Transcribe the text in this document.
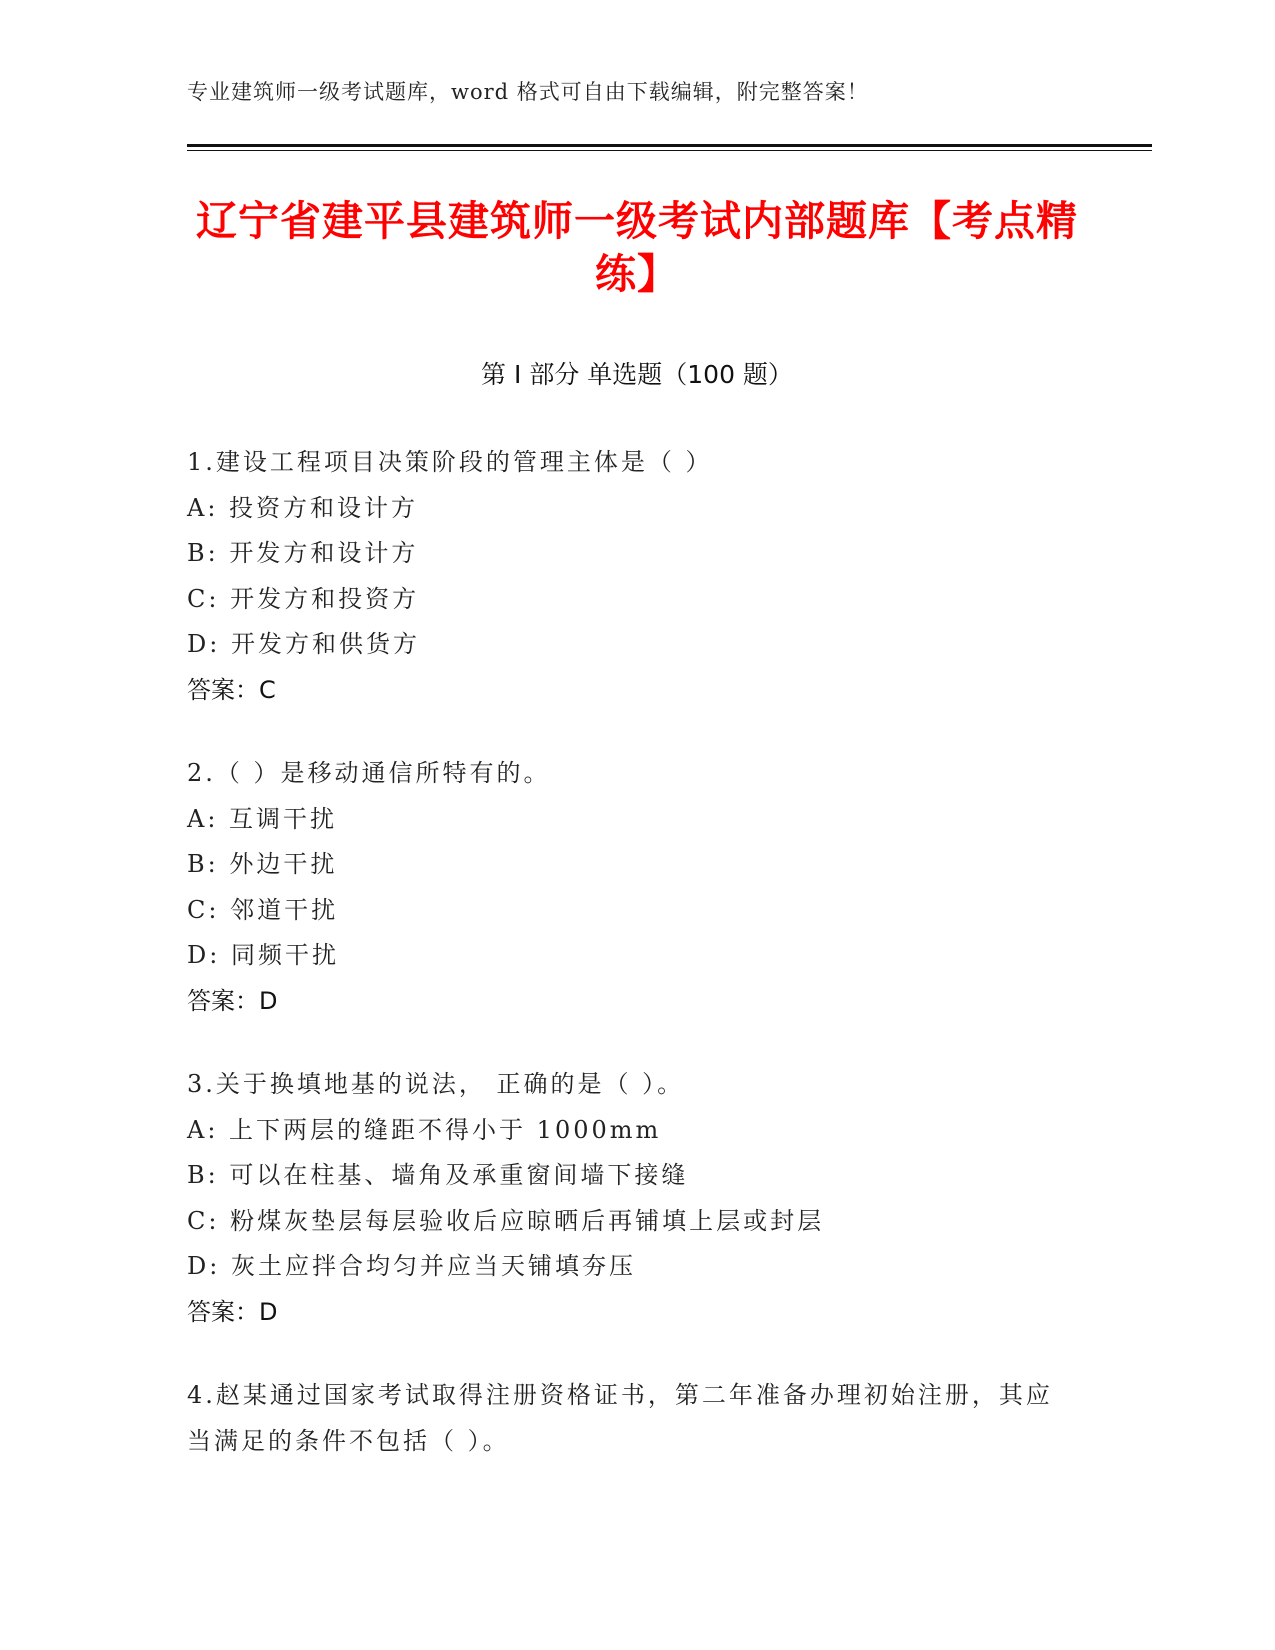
专业建筑师一级考试题库，word 格式可自由下载编辑，附完整答案！
辽宁省建平县建筑师一级考试内部题库【考点精练】
第 I 部分 单选题（100 题）

1.建设工程项目决策阶段的管理主体是（ ）

A: 投资方和设计方

B: 开发方和设计方

C: 开发方和投资方

D: 开发方和供货方

答案：C

2.（ ）是移动通信所特有的。

A: 互调干扰

B: 外边干扰

C: 邻道干扰

D: 同频干扰

答案：D

3.关于换填地基的说法， 正确的是（ ）。

A: 上下两层的缝距不得小于 1000mm

B: 可以在柱基、墙角及承重窗间墙下接缝

C: 粉煤灰垫层每层验收后应晾晒后再铺填上层或封层

D: 灰土应拌合均匀并应当天铺填夯压

答案：D

4.赵某通过国家考试取得注册资格证书，第二年准备办理初始注册，其应当满足的条件不包括（ ）。
